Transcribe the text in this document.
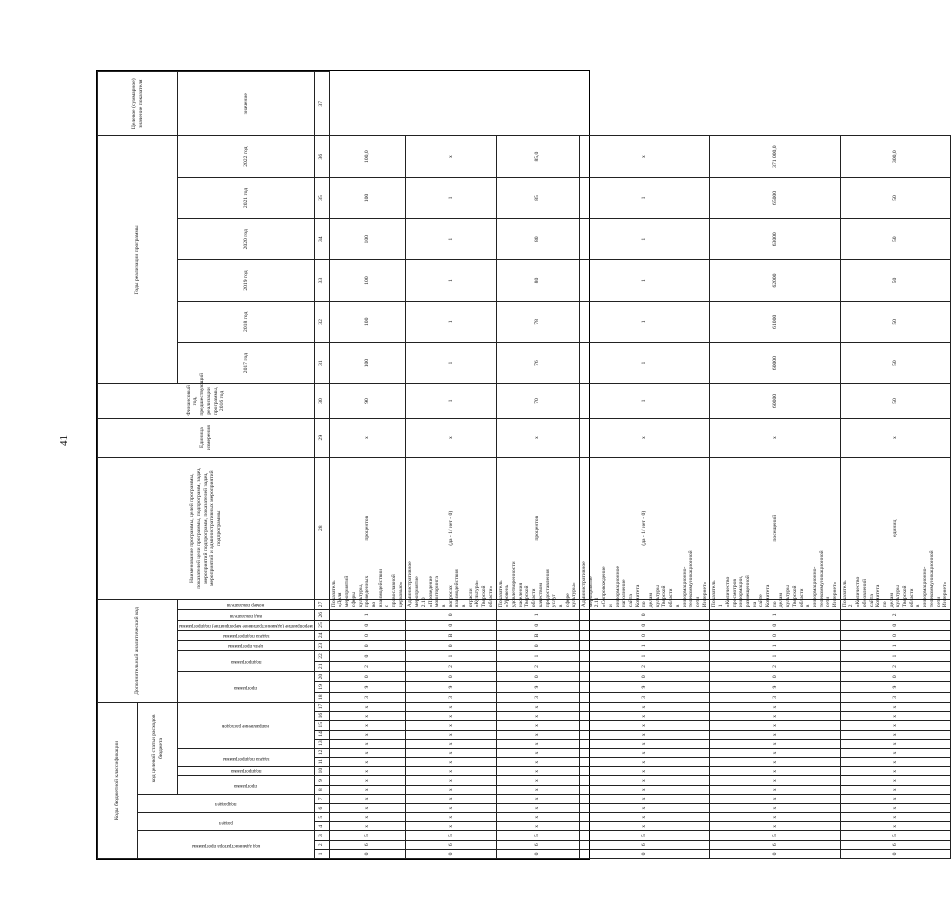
41
Коды бюджетной классификации																	Дополнительный аналитический код										Наименование программы, целей программы, показателей цели программы, подпрограмм, задач, мероприятий подпрограмм, показателей задач, мероприятий и административных мероприятий подпрограммы	Единица измерения	Финансовый год, предшествующий реализации программы, 2016 год	Годы реализации программы						Целевое (суммарное) значение показателя

код администратора программы			раздел		подраздел		код целевой статьи расходов бюджета																													

							программа		подпрограмма	задача подпрограммы		направление расходов					программа			подпрограмма		цель программы	задача подпрограммы	мероприятие (административное мероприятие) подпрограммы	вид показателя	номер показателя				2017 год	2018 год	2019 год	2020 год	2021 год	2022 год	значение
1	2	3	4	5	6	7	8	9	10	11	12	13	14	15	16	17	18	19	20	21	22	23	24	25	26	27	28	29	30	31	32	33	34	35	36	37
0	6	5	х	х	х	х	х	х	х	х	х	х	х	х	х	х	3	9	0	2	0	0	0	0	1	Показатель «Доля мероприятий сферы культуры, проведенных во взаимодействии с православной церковью»	процентов	х	90	100	100	100	100	100	100,0	
0	6	5	х	х	х	х	х	х	х	х	х	х	х	х	х	х	3	9	0	2	1	0	В	0	0	Административное мероприятие 2.10 «Проведение мониторинга в вопросах взаимодействия в отрасли «Культура» Тверской области»	(да - 1/ нет - 0)	х	1	1	1	1	1	1	х	
0	6	5	х	х	х	х	х	х	х	х	х	х	х	х	х	х	3	9	0	2	1	0	В	0	1	Показатель «Уровень удовлетворенности населения Тверской области качеством предоставления услуг в сфере культуры»	процентов	х	70	76	78	80	80	85	85,0	
0	6	5	х	х	х	х	х	х	х	х	х	х	х	х	х	х	3	9	0	2	1	1	0	0	0	Административное мероприятие 2.11 «Сопровождение и информационное наполнение сайта Комитета по делам культуры Тверской области в информационно-телекоммуникационной сети Интернет»	(да - 1/ нет - 0)	х	1	1	1	1	1	1	х	
0	6	5	х	х	х	х	х	х	х	х	х	х	х	х	х	х	3	9	0	2	1	1	0	0	1	Показатель 1 «Количество просмотров информации, размещенной на сайте Комитета по делам культуры Тверской области в информационно-телекоммуникационной сети Интернет»	посещений	х	60000	60000	61000	62000	63000	65000	371 000,0	
0	6	5	х	х	х	х	х	х	х	х	х	х	х	х	х	х	3	9	0	2	1	1	0	0	2	Показатель 2 «Количество обновлений сайта Комитета по делам культуры Тверской области в информационно-телекоммуникационной сети Интернет»	единиц	х	50	50	50	50	50	50	300,0	
